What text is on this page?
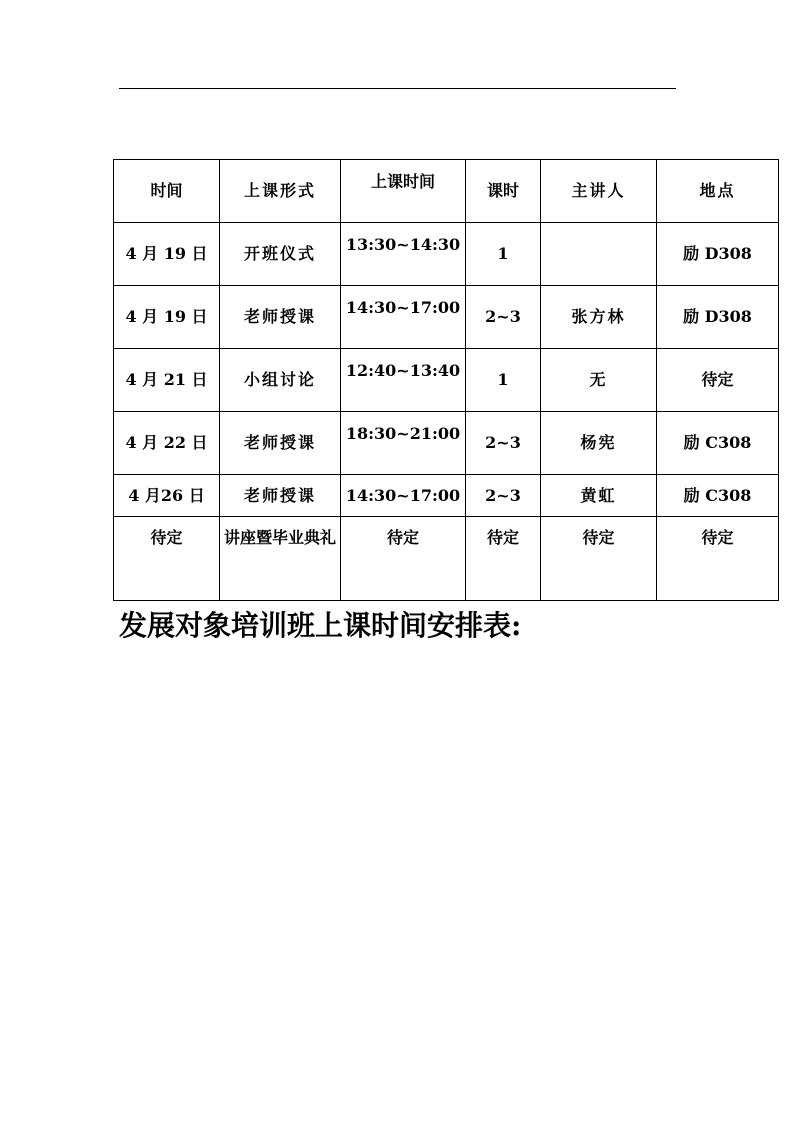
时间	上课形式	上课时间	课时	主讲人	地点
4 月 19 日	开班仪式	13:30~14:30	1		励 D308
4 月 19 日	老师授课	14:30~17:00	2~3	张方林	励 D308
4 月 21 日	小组讨论	12:40~13:40	1	无	待定
4 月 22 日	老师授课	18:30~21:00	2~3	杨宪	励 C308
4 月26 日	老师授课	14:30~17:00	2~3	黄虹	励 C308
待定	讲座暨毕业典礼	待定	待定	待定	待定
发展对象培训班上课时间安排表:
